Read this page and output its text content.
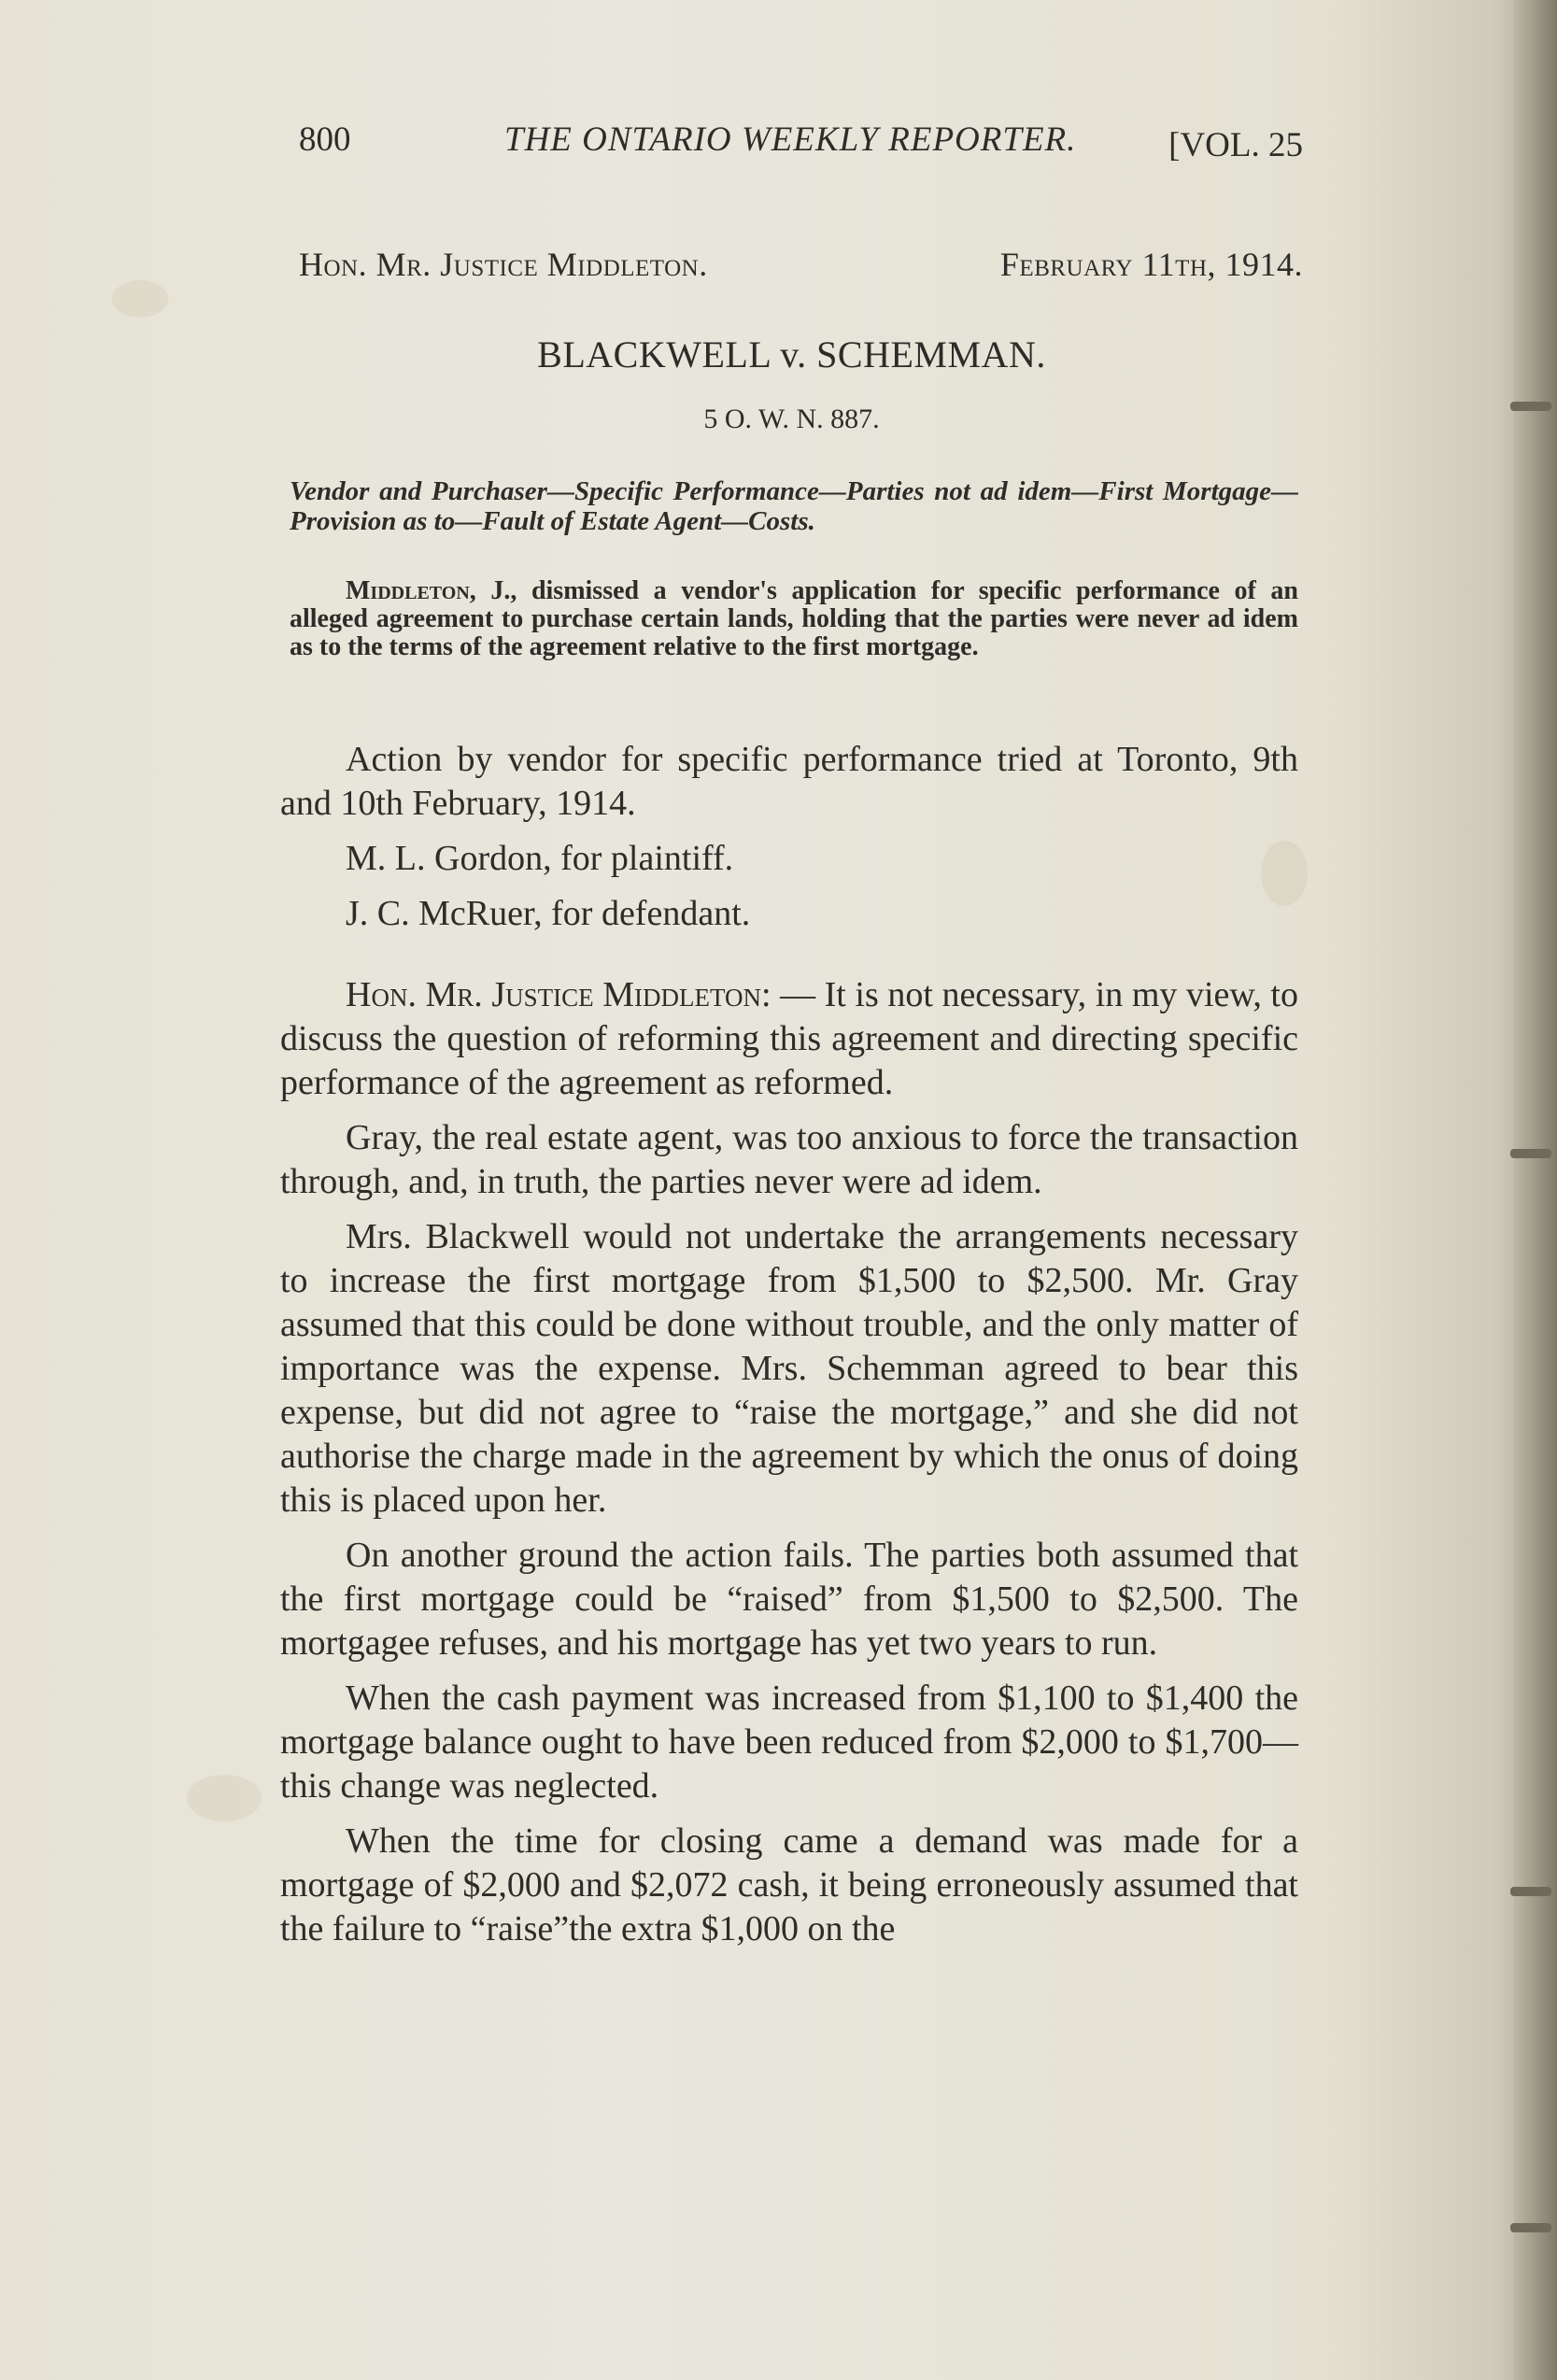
800	THE ONTARIO WEEKLY REPORTER.	[VOL. 25
Hon. Mr. Justice Middleton.	February 11th, 1914.
BLACKWELL v. SCHEMMAN.
5 O. W. N. 887.
Vendor and Purchaser—Specific Performance—Parties not ad idem—First Mortgage—Provision as to—Fault of Estate Agent—Costs.
Middleton, J., dismissed a vendor's application for specific performance of an alleged agreement to purchase certain lands, holding that the parties were never ad idem as to the terms of the agreement relative to the first mortgage.

Action by vendor for specific performance tried at Toronto, 9th and 10th February, 1914.

M. L. Gordon, for plaintiff.

J. C. McRuer, for defendant.

Hon. Mr. Justice Middleton: — It is not necessary, in my view, to discuss the question of reforming this agreement and directing specific performance of the agreement as reformed.

Gray, the real estate agent, was too anxious to force the transaction through, and, in truth, the parties never were ad idem.

Mrs. Blackwell would not undertake the arrangements necessary to increase the first mortgage from $1,500 to $2,500. Mr. Gray assumed that this could be done without trouble, and the only matter of importance was the expense. Mrs. Schemman agreed to bear this expense, but did not agree to “raise the mortgage,” and she did not authorise the charge made in the agreement by which the onus of doing this is placed upon her.

On another ground the action fails. The parties both assumed that the first mortgage could be “raised” from $1,500 to $2,500. The mortgagee refuses, and his mortgage has yet two years to run.

When the cash payment was increased from $1,100 to $1,400 the mortgage balance ought to have been reduced from $2,000 to $1,700—this change was neglected.

When the time for closing came a demand was made for a mortgage of $2,000 and $2,072 cash, it being erroneously assumed that the failure to “raise”the extra $1,000 on the
